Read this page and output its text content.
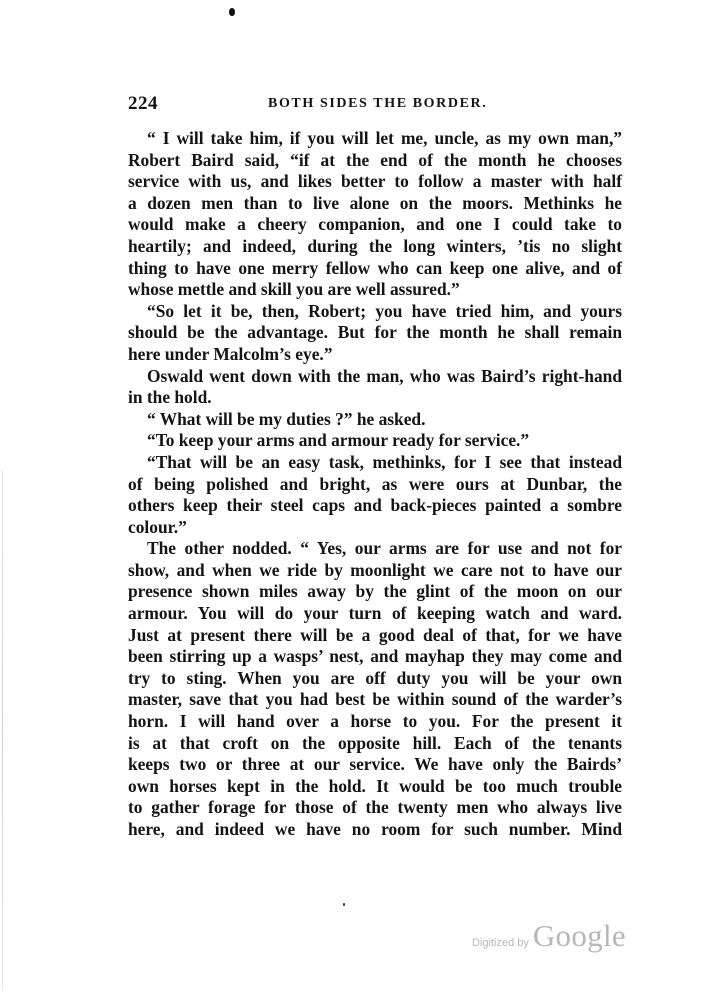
224	BOTH SIDES THE BORDER.
“ I will take him, if you will let me, uncle, as my own man,”
Robert Baird said, “if at the end of the month he chooses
service with us, and likes better to follow a master with half
a dozen men than to live alone on the moors. Methinks he
would make a cheery companion, and one I could take to
heartily; and indeed, during the long winters, ’tis no slight
thing to have one merry fellow who can keep one alive, and of
whose mettle and skill you are well assured.”
“So let it be, then, Robert; you have tried him, and yours
should be the advantage. But for the month he shall remain
here under Malcolm’s eye.”
Oswald went down with the man, who was Baird’s right-hand
in the hold.
“ What will be my duties ?” he asked.
“To keep your arms and armour ready for service.”
“That will be an easy task, methinks, for I see that instead
of being polished and bright, as were ours at Dunbar, the
others keep their steel caps and back-pieces painted a sombre
colour.”
The other nodded. “ Yes, our arms are for use and not for
show, and when we ride by moonlight we care not to have our
presence shown miles away by the glint of the moon on our
armour. You will do your turn of keeping watch and ward.
Just at present there will be a good deal of that, for we have
been stirring up a wasps’ nest, and mayhap they may come and
try to sting. When you are off duty you will be your own
master, save that you had best be within sound of the warder’s
horn. I will hand over a horse to you. For the present it
is at that croft on the opposite hill. Each of the tenants
keeps two or three at our service. We have only the Bairds’
own horses kept in the hold. It would be too much trouble
to gather forage for those of the twenty men who always live
here, and indeed we have no room for such number. Mind
Digitized by Google
